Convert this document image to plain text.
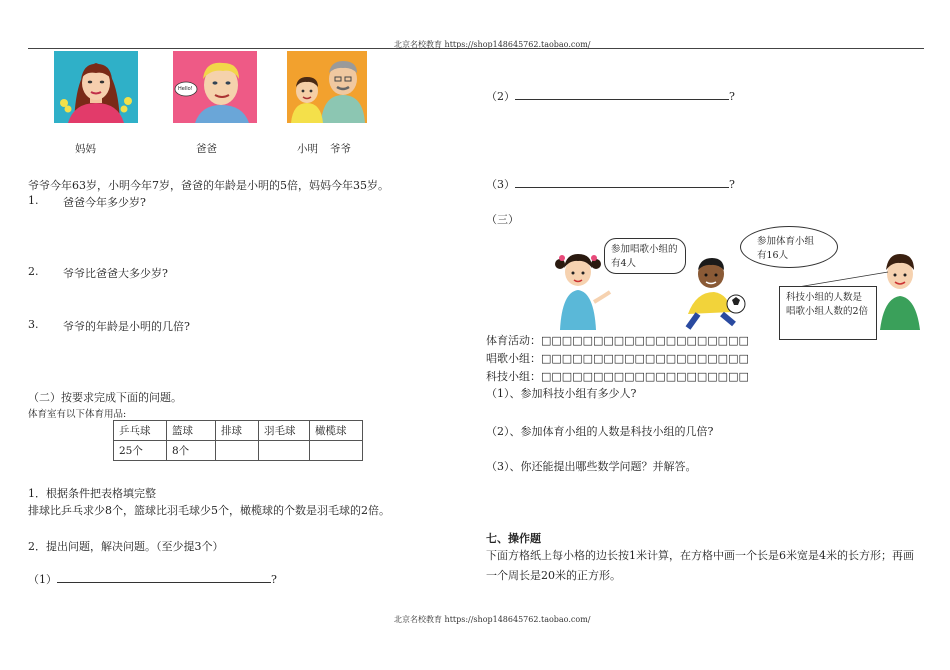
北京名校教育 https://shop148645762.taobao.com/
北京名校教育 https://shop148645762.taobao.com/
Hello!
妈妈	爸爸	小明 爷爷
爷爷今年63岁，小明今年7岁，爸爸的年龄是小明的5倍，妈妈今年35岁。
1. 爸爸今年多少岁?
2. 爷爷比爸爸大多少岁?
3. 爷爷的年龄是小明的几倍?
（二）按要求完成下面的问题。
体育室有以下体育用品:
乒乓球	篮球	排球	羽毛球	橄榄球
25个	8个			
1．根据条件把表格填完整
排球比乒乓求少8个，篮球比羽毛球少5个，橄榄球的个数是羽毛球的2倍。
2．提出问题，解决问题。（至少提3个）
（1）	?
（2）	?
（3）	?
（三）
参加唱歌小组的有4人
参加体育小组有16人
科技小组的人数是唱歌小组人数的2倍
体育活动：□□□□□□□□□□□□□□□□□□□□
唱歌小组：□□□□□□□□□□□□□□□□□□□□
科技小组：□□□□□□□□□□□□□□□□□□□□
（1）、参加科技小组有多少人?
（2）、参加体育小组的人数是科技小组的几倍?
（3）、你还能提出哪些数学问题？并解答。
七、操作题
下面方格纸上每小格的边长按1米计算，在方格中画一个长是6米宽是4米的长方形；再画
一个周长是20米的正方形。
